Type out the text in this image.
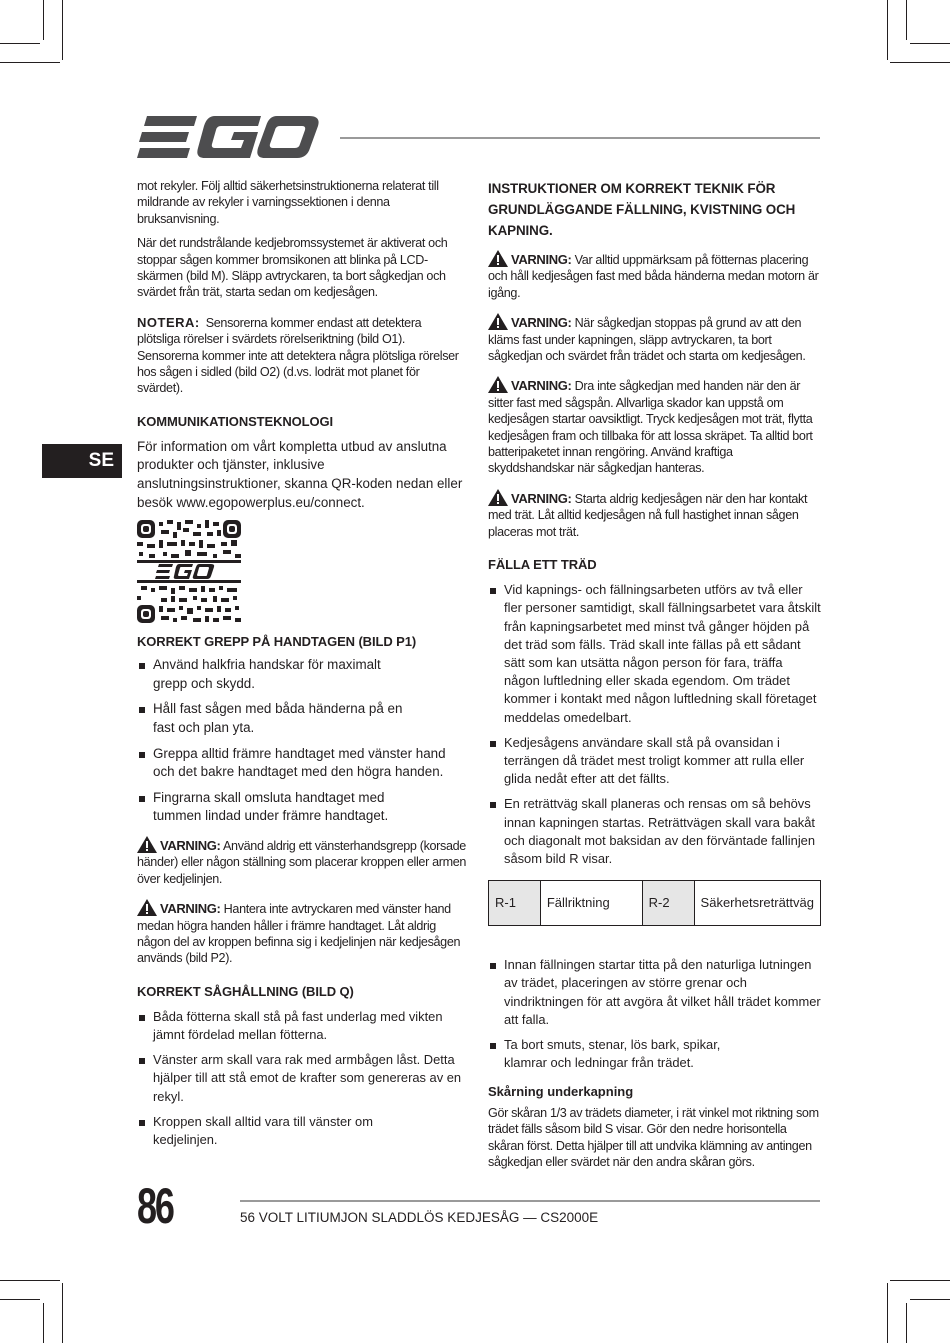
SE

mot rekyler. Följ alltid säkerhetsinstruktionerna relaterat till mildrande av rekyler i varningssektionen i denna bruksanvisning.

När det rundstrålande kedjebromssystemet är aktiverat och stoppar sågen kommer bromsikonen att blinka på LCD-skärmen (bild M). Släpp avtryckaren, ta bort sågkedjan och svärdet från trät, starta sedan om kedjesågen.

NOTERA: Sensorerna kommer endast att detektera plötsliga rörelser i svärdets rörelseriktning (bild O1). Sensorerna kommer inte att detektera några plötsliga rörelser hos sågen i sidled (bild O2) (d.vs. lodrät mot planet för svärdet).

KOMMUNIKATIONSTEKNOLOGI

För information om vårt kompletta utbud av anslutna produkter och tjänster, inklusive anslutningsinstruktioner, skanna QR-koden nedan eller besök www.egopowerplus.eu/connect.

KORREKT GREPP PÅ HANDTAGEN (BILD P1)
Använd halkfria handskar för maximalt grepp och skydd.
Håll fast sågen med båda händerna på en fast och plan yta.
Greppa alltid främre handtaget med vänster hand och det bakre handtaget med den högra handen.
Fingrarna skall omsluta handtaget med tummen lindad under främre handtaget.

VARNING: Använd aldrig ett vänsterhandsgrepp (korsade händer) eller någon ställning som placerar kroppen eller armen över kedjelinjen.

VARNING: Hantera inte avtryckaren med vänster hand medan högra handen håller i främre handtaget. Låt aldrig någon del av kroppen befinna sig i kedjelinjen när kedjesågen används (bild P2).

KORREKT SÅGHÅLLNING (BILD Q)
Båda fötterna skall stå på fast underlag med vikten jämnt fördelad mellan fötterna.
Vänster arm skall vara rak med armbågen låst. Detta hjälper till att stå emot de krafter som genereras av en rekyl.
Kroppen skall alltid vara till vänster om kedjelinjen.
INSTRUKTIONER OM KORREKT TEKNIK FÖR GRUNDLÄGGANDE FÄLLNING, KVISTNING OCH KAPNING.

VARNING: Var alltid uppmärksam på fötternas placering och håll kedjesågen fast med båda händerna medan motorn är igång.

VARNING: När sågkedjan stoppas på grund av att den kläms fast under kapningen, släpp avtryckaren, ta bort sågkedjan och svärdet från trädet och starta om kedjesågen.

VARNING: Dra inte sågkedjan med handen när den är sitter fast med sågspån. Allvarliga skador kan uppstå om kedjesågen startar oavsiktligt. Tryck kedjesågen mot trät, flytta kedjesågen fram och tillbaka för att lossa skräpet. Ta alltid bort batteripaketet innan rengöring. Använd kraftiga skyddshandskar när sågkedjan hanteras.

VARNING: Starta aldrig kedjesågen när den har kontakt med trät. Låt alltid kedjesågen nå full hastighet innan sågen placeras mot trät.

FÄLLA ETT TRÄD
Vid kapnings- och fällningsarbeten utförs av två eller fler personer samtidigt, skall fällningsarbetet vara åtskilt från kapningsarbetet med minst två gånger höjden på det träd som fälls. Träd skall inte fällas på ett sådant sätt som kan utsätta någon person för fara, träffa någon luftledning eller skada egendom. Om trädet kommer i kontakt med någon luftledning skall företaget meddelas omedelbart.
Kedjesågens användare skall stå på ovansidan i terrängen då trädet mest troligt kommer att rulla eller glida nedåt efter att det fällts.
En reträttväg skall planeras och rensas om så behövs innan kapningen startas. Reträttvägen skall vara bakåt och diagonalt mot baksidan av den förväntade fallinjen såsom bild R visar.
R-1	Fällriktning	R-2	Säkerhetsreträttväg
Innan fällningen startar titta på den naturliga lutningen av trädet, placeringen av större grenar och vindriktningen för att avgöra åt vilket håll trädet kommer att falla.
Ta bort smuts, stenar, lös bark, spikar, klamrar och ledningar från trädet.
Skårning underkapning

Gör skåran 1/3 av trädets diameter, i rät vinkel mot riktning som trädet fälls såsom bild S visar. Gör den nedre horisontella skåran först. Detta hjälper till att undvika klämning av antingen sågkedjan eller svärdet när den andra skåran görs.

86	56 VOLT LITIUMJON SLADDLÖS KEDJESÅG — CS2000E
